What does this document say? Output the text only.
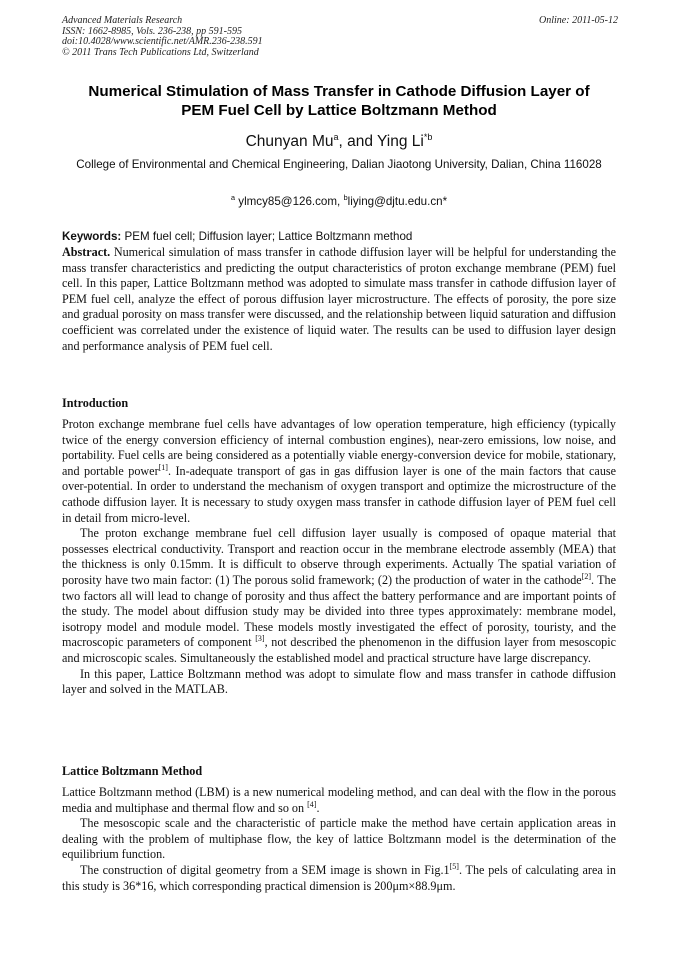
Advanced Materials Research
ISSN: 1662-8985, Vols. 236-238, pp 591-595
doi:10.4028/www.scientific.net/AMR.236-238.591
© 2011 Trans Tech Publications Ltd, Switzerland
Online: 2011-05-12
Numerical Stimulation of Mass Transfer in Cathode Diffusion Layer of
PEM Fuel Cell by Lattice Boltzmann Method
Chunyan Mu$^a$, and Ying Li$^{*b}$
College of Environmental and Chemical Engineering, Dalian Jiaotong University, Dalian, China 116028
$^a$ ylmcy85@126.com, $^b$liying@djtu.edu.cn*
Keywords: PEM fuel cell; Diffusion layer; Lattice Boltzmann method

Abstract. Numerical simulation of mass transfer in cathode diffusion layer will be helpful for understanding the mass transfer characteristics and predicting the output characteristics of proton exchange membrane (PEM) fuel cell. In this paper, Lattice Boltzmann method was adopted to simulate mass transfer in cathode diffusion layer of PEM fuel cell, analyze the effect of porous diffusion layer microstructure. The effects of porosity, the pore size and gradual porosity on mass transfer were discussed, and the relationship between liquid saturation and diffusion coefficient was correlated under the existence of liquid water. The results can be used to diffusion layer design and performance analysis of PEM fuel cell.

Introduction

Proton exchange membrane fuel cells have advantages of low operation temperature, high efficiency (typically twice of the energy conversion efficiency of internal combustion engines), near-zero emissions, low noise, and portability. Fuel cells are being considered as a potentially viable energy-conversion device for mobile, stationary, and portable power[1]. In-adequate transport of gas in gas diffusion layer is one of the main factors that cause over-potential. In order to understand the mechanism of oxygen transport and optimize the microstructure of the cathode diffusion layer. It is necessary to study oxygen mass transfer in cathode diffusion layer of PEM fuel cell in detail from micro-level.

The proton exchange membrane fuel cell diffusion layer usually is composed of opaque material that possesses electrical conductivity. Transport and reaction occur in the membrane electrode assembly (MEA) that the thickness is only 0.15mm. It is difficult to observe through experiments. Actually The spatial variation of porosity have two main factor: (1) The porous solid framework; (2) the production of water in the cathode[2]. The two factors all will lead to change of porosity and thus affect the battery performance and are important points of the study. The model about diffusion study may be divided into three types approximately: membrane model, isotropy model and module model. These models mostly investigated the effect of porosity, touristy, and the macroscopic parameters of component [3], not described the phenomenon in the diffusion layer from mesoscopic and microscopic scales. Simultaneously the established model and practical structure have large discrepancy.

In this paper, Lattice Boltzmann method was adopt to simulate flow and mass transfer in cathode diffusion layer and solved in the MATLAB.

Lattice Boltzmann Method

Lattice Boltzmann method (LBM) is a new numerical modeling method, and can deal with the flow in the porous media and multiphase and thermal flow and so on [4].

The mesoscopic scale and the characteristic of particle make the method have certain application areas in dealing with the problem of multiphase flow, the key of lattice Boltzmann model is the determination of the equilibrium function.

The construction of digital geometry from a SEM image is shown in Fig.1[5]. The pels of calculating area in this study is 36*16, which corresponding practical dimension is 200μm×88.9μm.
